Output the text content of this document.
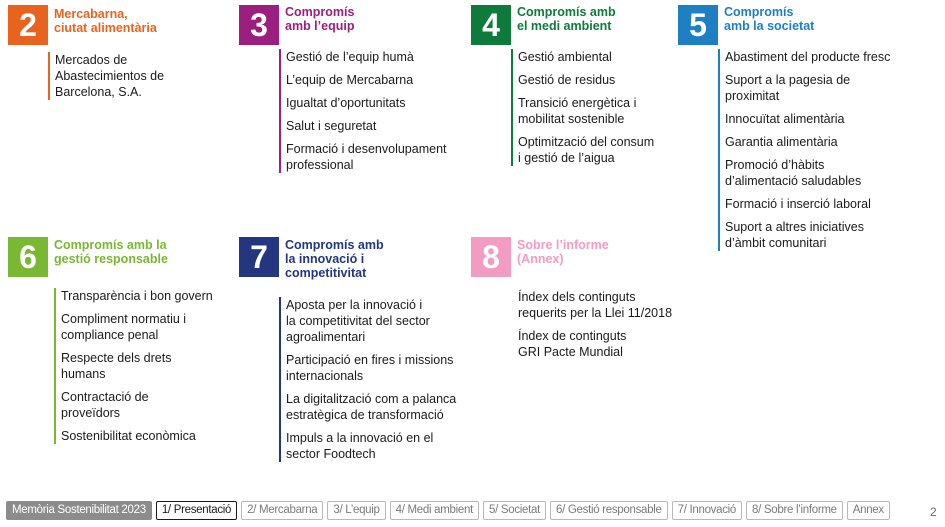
2	Mercabarna,
ciutat alimentària
Mercados de
Abastecimientos de
Barcelona, S.A.
3	Compromís
amb l’equip
Gestió de l’equip humà
L’equip de Mercabarna
Igualtat d’oportunitats
Salut i seguretat
Formació i desenvolupament
professional
4	Compromís amb
el medi ambient
Gestió ambiental
Gestió de residus
Transició energètica i
mobilitat sostenible
Optimització del consum
i gestió de l’aigua
5	Compromís
amb la societat
Abastiment del producte fresc
Suport a la pagesia de
proximitat
Innocuïtat alimentària
Garantia alimentària
Promoció d’hàbits
d’alimentació saludables
Formació i inserció laboral
Suport a altres iniciatives
d’àmbit comunitari
6	Compromís amb la
gestió responsable
Transparència i bon govern
Compliment normatiu i
compliance penal
Respecte dels drets
humans
Contractació de
proveïdors
Sostenibilitat econòmica
7	Compromís amb
la innovació i
competitivitat
Aposta per la innovació i
la competitivitat del sector
agroalimentari
Participació en fires i missions
internacionals
La digitalització com a palanca
estratègica de transformació
Impuls a la innovació en el
sector Foodtech
8	Sobre l’informe
(Annex)
Índex dels continguts
requerits per la Llei 11/2018
Índex de continguts
GRI Pacte Mundial
Memòria Sostenibilitat 2023	1/ Presentació	2/ Mercabarna	3/ L’equip	4/ Medi ambient	5/ Societat	6/ Gestió responsable	7/ Innovació	8/ Sobre l’informe	Annex	2
